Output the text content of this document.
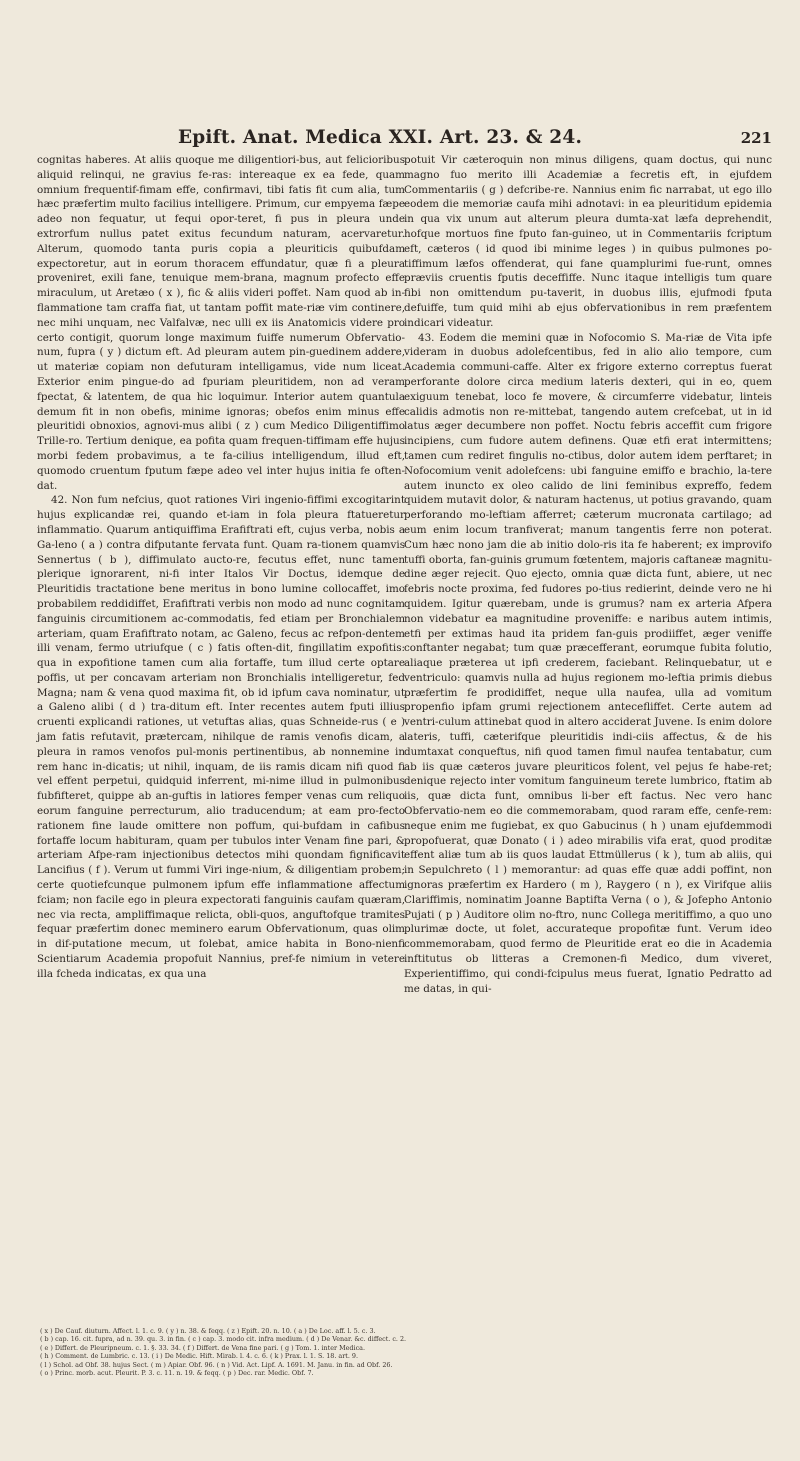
Epift. Anat. Medica XXI. Art. 23. & 24.	221

cognitas haberes. At aliis quoque me diligentiori-bus, aut felicioribus aliquid relinqui, ne gravius fe-ras: intereaque ex ea fede, quam omnium frequentif-fimam effe, confirmavi, tibi fatis fit cum alia, tum hæc præfertim multo facilius intelligere. Primum, cur empyema fæpe adeo non fequatur, ut fequi opor-teret, fi pus in pleura unde extrorfum nullus patet exitus fecundum naturam, acervaretur. Alterum, quomodo tanta puris copia a pleuriticis quibufdam expectoretur, aut in eorum thoracem effundatur, quæ fi a pleura proveniret, exili fane, tenuique mem-brana, magnum profecto effe miraculum, ut Aretæo ( x ), fic & aliis videri poffet. Nam quod ab in-flammatione tam craffa fiat, ut tantam poffit mate-riæ vim continere, nec mihi unquam, nec Valfalvæ, nec ulli ex iis Anatomicis videre pro certo contigit, quorum longe maximum fuiffe numerum Obfervatio-num, fupra ( y ) dictum eft. Ad pleuram autem pin-guedinem addere, ut materiæ copiam non defuturam intelligamus, vide num liceat. Exterior enim pingue-do ad fpuriam pleuritidem, non ad veram fpectat, & latentem, de qua hic loquimur. Interior autem quantula demum fit in non obefis, minime ignoras; obefos enim minus effe pleuritidi obnoxios, agnovi-mus alibi ( z ) cum Medico Diligentiffimo Trille-ro. Tertium denique, ea pofita quam frequen-tiffimam effe hujus morbi fedem probavimus, a te fa-cilius intelligendum, illud eft, quomodo cruentum fputum fæpe adeo vel inter hujus initia fe often-dat.

42. Non fum nefcius, quot rationes Viri ingenio-fiffimi excogitarint hujus explicandæ rei, quando et-iam in fola pleura ftatueretur inflammatio. Quarum antiquiffima Erafiftrati eft, cujus verba, nobis a Ga-leno ( a ) contra difputante fervata funt. Quam ra-tionem quamvis Sennertus ( b ), diffimulato aucto-re, fecutus effet, nunc tamen plerique ignorarent, ni-fi inter Italos Vir Doctus, idemque de Pleuritidis tractatione bene meritus in bono lumine collocaffet, imo probabilem reddidiffet, Erafiftrati verbis non modo ad nunc cognitam fanguinis circumitionem ac-commodatis, fed etiam per Bronchialem arteriam, quam Erafiftrato notam, ac Galeno, fecus ac refpon-dentem illi venam, fermo utriufque ( c ) fatis often-dit, fingillatim expofitis: qua in expofitione tamen cum alia fortaffe, tum illud certe optare poffis, ut per concavam arteriam non Bronchialis intelligeretur, fed Magna; nam & vena quod maxima fit, ob id ipfum cava nominatur, ut a Galeno alibi ( d ) tra-ditum eft. Inter recentes autem fputi illius cruenti explicandi rationes, ut vetuftas alias, quas Schneide-rus ( e ) jam fatis refutavit, prætercam, nihilque de ramis venofis dicam, a pleura in ramos venofos pul-monis pertinentibus, ab nonnemine in rem hanc in-dicatis; ut nihil, inquam, de iis ramis dicam nifi quod fi vel effent perpetui, quidquid inferrent, mi-nime illud in pulmonibus fubfifteret, quippe ab an-guftis in latiores femper venas cum reliquo eorum fanguine perrecturum, alio traducendum; at eam pro-fecto rationem fine laude omittere non poffum, qui-bufdam in cafibus fortaffe locum habituram, quam per tubulos inter Venam fine pari, & arteriam Afpe-ram injectionibus detectos mihi quondam fignificavit Lancifius ( f ). Verum ut fummi Viri inge-nium, & diligentiam probem; certe quotiefcunque pulmonem ipfum effe inflammatione affectum fciam; non facile ego in pleura expectorati fanguinis caufam quæram, nec via recta, ampliffimaque relicta, obli-quos, anguftofque tramites fequar præfertim donec meminero earum Obfervationum, quas olim in dif-putatione mecum, ut folebat, amice habita in Bono-nienfi Scientiarum Academia propofuit Nannius, pref-fe nimium in vetere illa fcheda indicatas, ex qua una

potuit Vir cæteroquin non minus diligens, quam doctus, qui nunc magno fuo merito illi Academiæ a fecretis eft, in ejufdem Commentariis ( g ) defcribe-re. Nannius enim fic narrabat, ut ego illo eodem die memoriæ caufa mihi adnotavi: in ea pleuritidum epidemia in qua vix unum aut alterum pleura dumta-xat læfa deprehendit, hofque mortuos fine fputo fan-guineo, ut in Commentariis fcriptum eft, cæteros ( id quod ibi minime leges ) in quibus pulmones po-tiffimum læfos offenderat, qui fane quamplurimi fue-runt, omnes præviis cruentis fputis deceffiffe. Nunc itaque intelligis tum quare fibi non omittendum pu-taverit, in duobus illis, ejufmodi fputa defuiffe, tum quid mihi ab ejus obfervationibus in rem præfentem indicari videatur.

43. Eodem die memini quæ in Nofocomio S. Ma-riæ de Vita ipfe videram in duobus adolefcentibus, fed in alio alio tempore, cum Academia communi-caffe. Alter ex frigore externo correptus fuerat perforante dolore circa medium lateris dexteri, qui in eo, quem exiguum tenebat, loco fe movere, & circumferre videbatur, linteis calidis admotis non re-mittebat, tangendo autem crefcebat, ut in id latus æger decumbere non poffet. Noctu febris acceffit cum frigore incipiens, cum fudore autem definens. Quæ etfi erat intermittens; tamen cum rediret fingulis no-ctibus, dolor autem idem perftaret; in Nofocomium venit adolefcens: ubi fanguine emiffo e brachio, la-tere autem inuncto ex oleo calido de lini feminibus expreffo, fedem quidem mutavit dolor, & naturam hactenus, ut potius gravando, quam perforando mo-leftiam afferret; cæterum mucronata cartilago; ad eum enim locum tranfiverat; manum tangentis ferre non poterat. Cum hæc nono jam die ab initio dolo-ris ita fe haberent; ex improvifo tuffi oborta, fan-guinis grumum fœtentem, majoris caftaneæ magnitu-dine æger rejecit. Quo ejecto, omnia quæ dicta funt, abiere, ut nec febris nocte proxima, fed fudores po-tius redierint, deinde vero ne hi quidem. Igitur quærebam, unde is grumus? nam ex arteria Afpera non videbatur ea magnitudine proveniffe: e naribus autem intimis, etfi per extimas haud ita pridem fan-guis prodiiffet, æger veniffe conftanter negabat; tum quæ præcefferant, eorumque fubita folutio, aliaque præterea ut ipfi crederem, faciebant. Relinquebatur, ut e ventriculo: quamvis nulla ad hujus regionem mo-leftia primis diebus præfertim fe prodidiffet, neque ulla naufea, ulla ad vomitum propenfio ipfam grumi rejectionem antecefliffet. Certe autem ad ventri-culum attinebat quod in altero acciderat Juvene. Is enim dolore lateris, tuffi, cæterifque pleuritidis indi-ciis affectus, & de his dumtaxat conqueftus, nifi quod tamen fimul naufea tentabatur, cum ab iis quæ cæteros juvare pleuriticos folent, vel pejus fe habe-ret; denique rejecto inter vomitum fanguineum terete lumbrico, ftatim ab iis, quæ dicta funt, omnibus li-ber eft factus. Nec vero hanc Obfervatio-nem eo die commemorabam, quod raram effe, cenfe-rem: neque enim me fugiebat, ex quo Gabucinus ( h ) unam ejufdemmodi propofuerat, quæ Donato ( i ) adeo mirabilis vifa erat, quod proditæ effent aliæ tum ab iis quos laudat Ettmüllerus ( k ), tum ab aliis, qui in Sepulchreto ( l ) memorantur: ad quas effe quæ addi poffint, non ignoras præfertim ex Hardero ( m ), Raygero ( n ), ex Virifque aliis Clariffimis, nominatim Joanne Baptifta Verna ( o ), & Jofepho Antonio Pujati ( p ) Auditore olim no-ftro, nunc Collega meritiffimo, a quo uno plurimæ docte, ut folet, accurateque propofitæ funt. Verum ideo commemorabam, quod fermo de Pleuritide erat eo die in Academia inftitutus ob litteras a Cremonen-fi Medico, dum viveret, Experientiffimo, qui condi-fcipulus meus fuerat, Ignatio Pedratto ad me datas, in qui-

( x ) De Cauf. diuturn. Affect. l. 1. c. 9. ( y ) n. 38. & feqq. ( z ) Epift. 20. n. 10. ( a ) De Loc. aff. l. 5. c. 3.
( b ) cap. 16. cit. fupra, ad n. 39. qu. 3. in fin. ( c ) cap. 3. modo cit. infra medium. ( d ) De Venar. &c. diffect. c. 2.
( e ) Differt. de Pleuripneum. c. 1. §. 33. 34. ( f ) Differt. de Vena fine pari. ( g ) Tom. 1. inter Medica.
( h ) Comment. de Lumbric. c. 13. ( i ) De Medic. Hift. Mirab. l. 4. c. 6. ( k ) Prax. l. 1. S. 18. art. 9.
( l ) Schol. ad Obf. 38. hujus Sect. ( m ) Apiar. Obf. 96. ( n ) Vid. Act. Lipf. A. 1691. M. Janu. in fin. ad Obf. 26.
( o ) Princ. morb. acut. Pleurit. P. 3. c. 11. n. 19. & feqq. ( p ) Dec. rar. Medic. Obf. 7.
